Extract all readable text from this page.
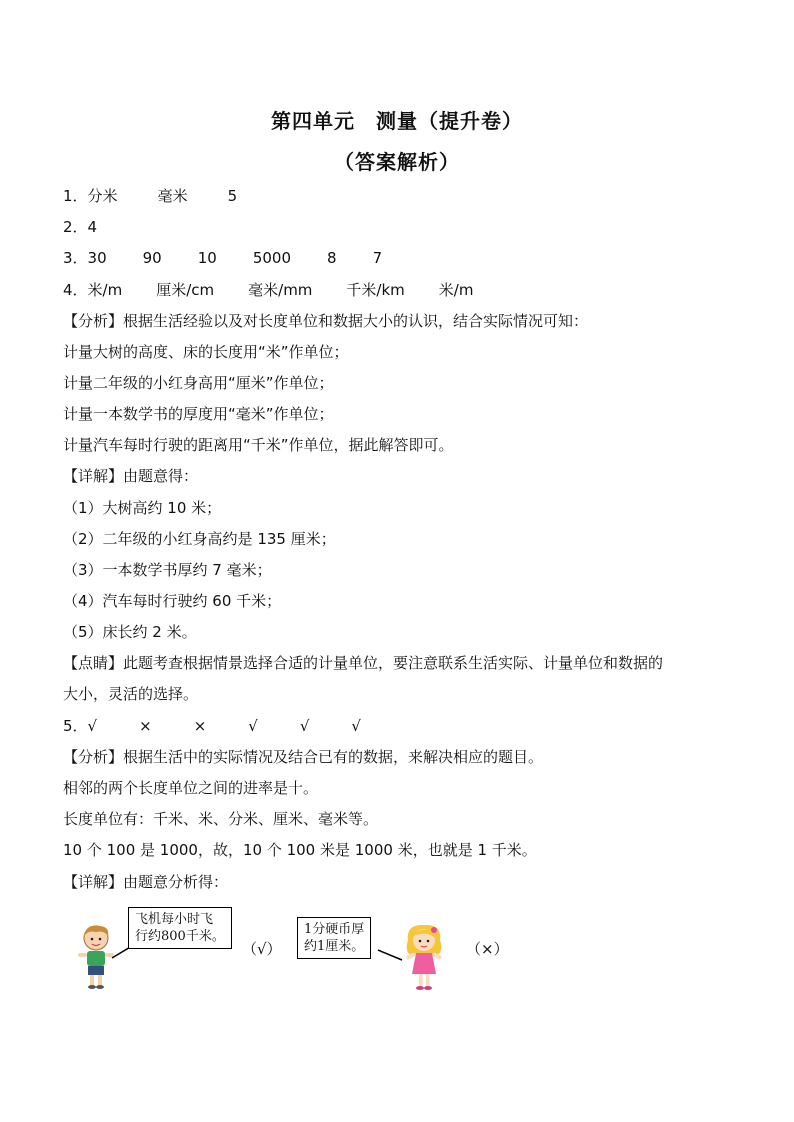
第四单元　测量（提升卷）
（答案解析）
1．分米	毫米	5
2．4
3．30 90 10 5000 8 7
4．米/m 厘米/cm 毫米/mm 千米/km 米/m
【分析】根据生活经验以及对长度单位和数据大小的认识，结合实际情况可知：
计量大树的高度、床的长度用“米”作单位；
计量二年级的小红身高用“厘米”作单位；
计量一本数学书的厚度用“毫米”作单位；
计量汽车每时行驶的距离用“千米”作单位，据此解答即可。
【详解】由题意得：
（1）大树高约 10 米；
（2）二年级的小红身高约是 135 厘米；
（3）一本数学书厚约 7 毫米；
（4）汽车每时行驶约 60 千米；
（5）床长约 2 米。
【点睛】此题考查根据情景选择合适的计量单位，要注意联系生活实际、计量单位和数据的
大小，灵活的选择。
5．√	×	×	√	√	√
【分析】根据生活中的实际情况及结合已有的数据，来解决相应的题目。
相邻的两个长度单位之间的进率是十。
长度单位有：千米、米、分米、厘米、毫米等。
10 个 100 是 1000，故，10 个 100 米是 1000 米，也就是 1 千米。
【详解】由题意分析得：
飞机每小时飞
行约800千米。
（√）
1分硬币厚
约1厘米。	（×）
